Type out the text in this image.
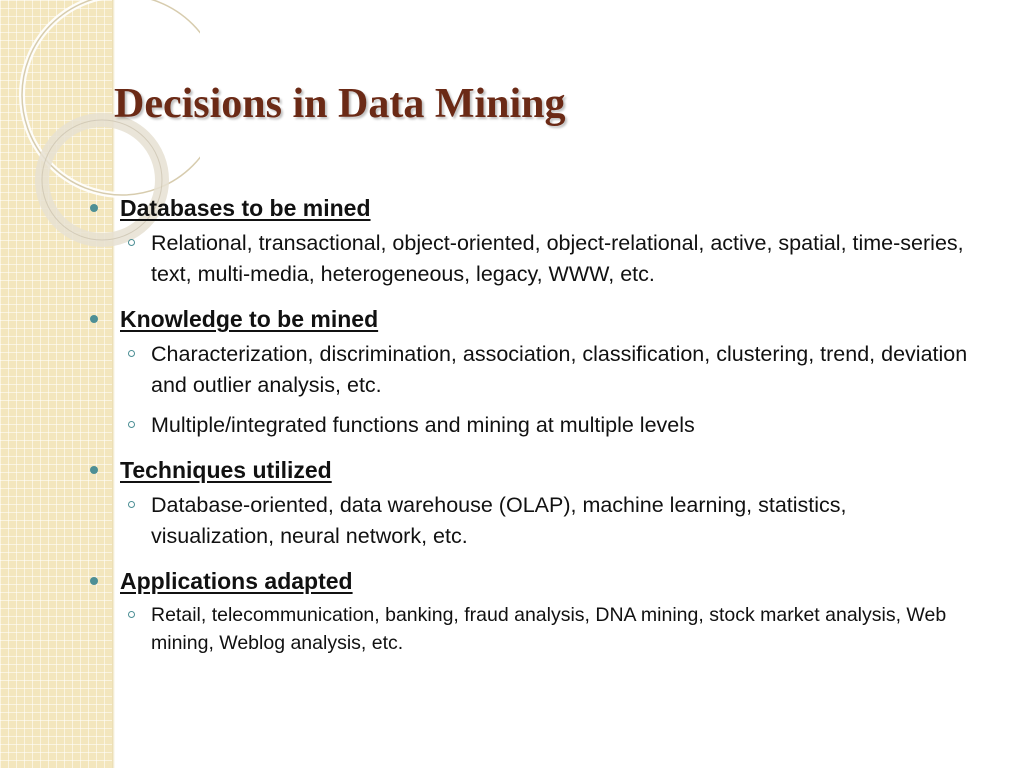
Decisions in Data Mining
Databases to be mined
Relational, transactional, object-oriented, object-relational, active, spatial, time-series, text, multi-media, heterogeneous, legacy, WWW, etc.
Knowledge to be mined
Characterization, discrimination, association, classification, clustering, trend, deviation and outlier analysis, etc.
Multiple/integrated functions and mining at multiple levels
Techniques utilized
Database-oriented, data warehouse (OLAP), machine learning, statistics, visualization, neural network, etc.
Applications adapted
Retail, telecommunication, banking, fraud analysis, DNA mining, stock market analysis, Web mining, Weblog analysis, etc.
